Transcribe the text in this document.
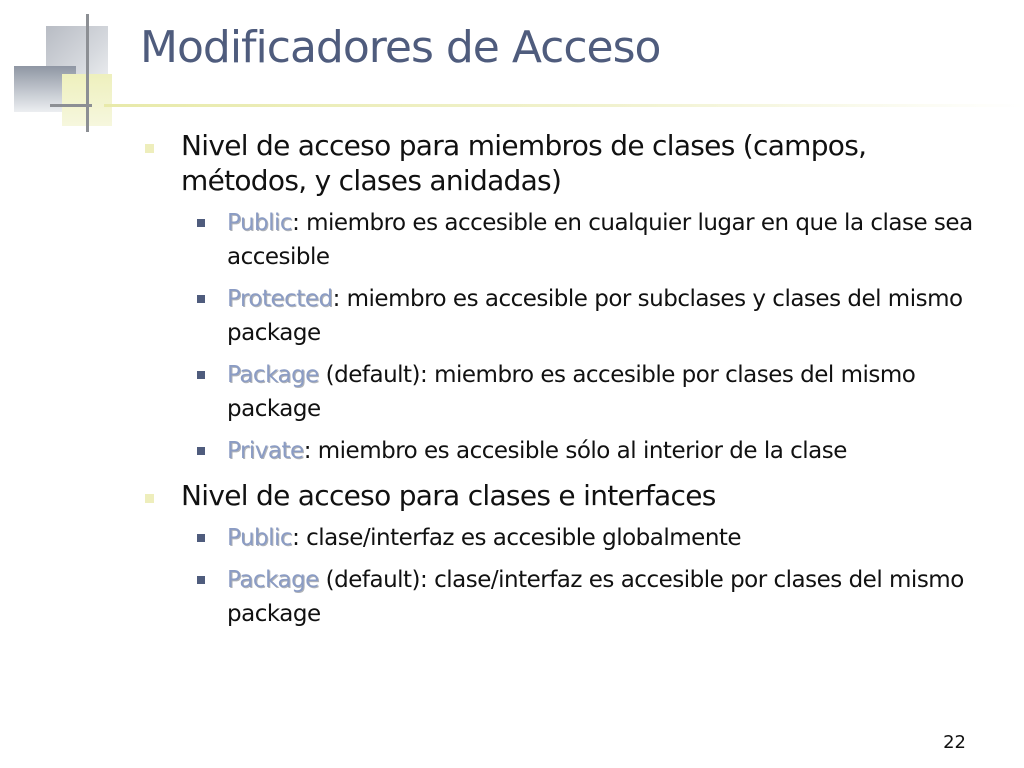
Modificadores de Acceso
Nivel de acceso para miembros de clases (campos, métodos, y clases anidadas)
Public: miembro es accesible en cualquier lugar en que la clase sea accesible
Protected: miembro es accesible por subclases y clases del mismo package
Package (default): miembro es accesible por clases del mismo package
Private: miembro es accesible sólo al interior de la clase
Nivel de acceso para clases e interfaces
Public: clase/interfaz es accesible globalmente
Package (default): clase/interfaz es accesible por clases del mismo package
22
